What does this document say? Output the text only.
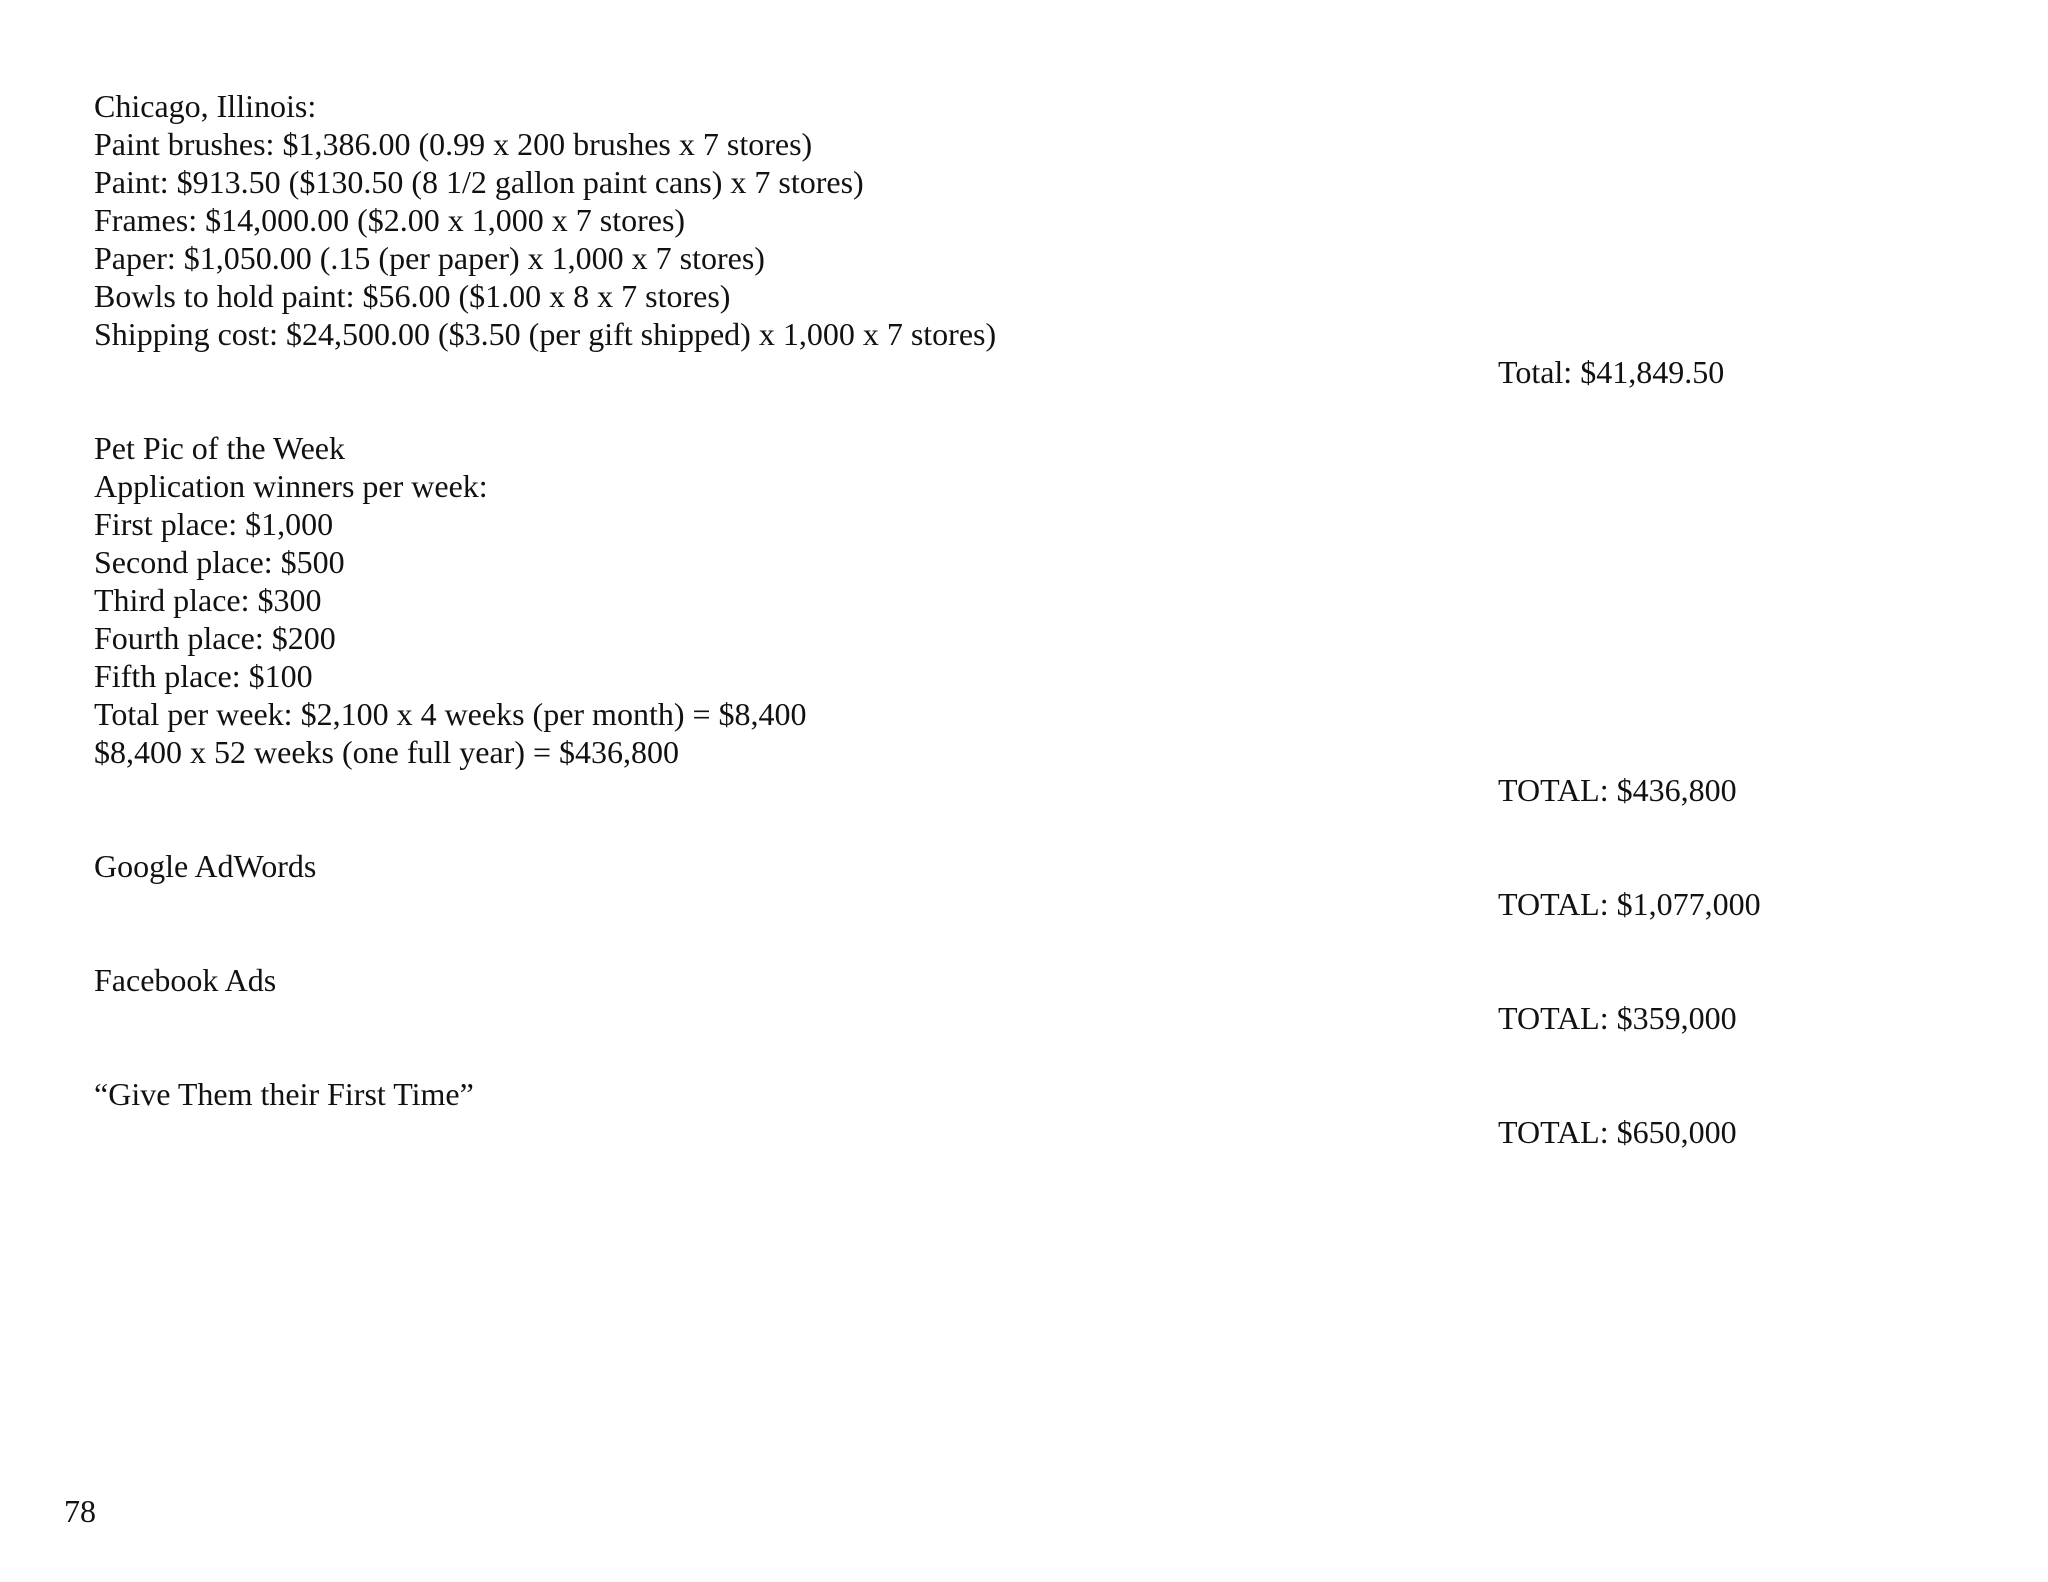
Chicago, Illinois:
Paint brushes: $1,386.00 (0.99 x 200 brushes x 7 stores)
Paint: $913.50 ($130.50 (8 1/2 gallon paint cans) x 7 stores)
Frames: $14,000.00 ($2.00 x 1,000 x 7 stores)
Paper: $1,050.00 (.15 (per paper) x 1,000 x 7 stores)
Bowls to hold paint: $56.00 ($1.00 x 8 x 7 stores)
Shipping cost: $24,500.00 ($3.50 (per gift shipped) x 1,000 x 7 stores)
Total: $41,849.50
Pet Pic of the Week
Application winners per week:
First place: $1,000
Second place: $500
Third place: $300
Fourth place: $200
Fifth place: $100
Total per week: $2,100 x 4 weeks (per month) = $8,400
$8,400 x 52 weeks (one full year) = $436,800
TOTAL: $436,800
Google AdWords
TOTAL: $1,077,000
Facebook Ads
TOTAL: $359,000
“Give Them their First Time”
TOTAL: $650,000
78
